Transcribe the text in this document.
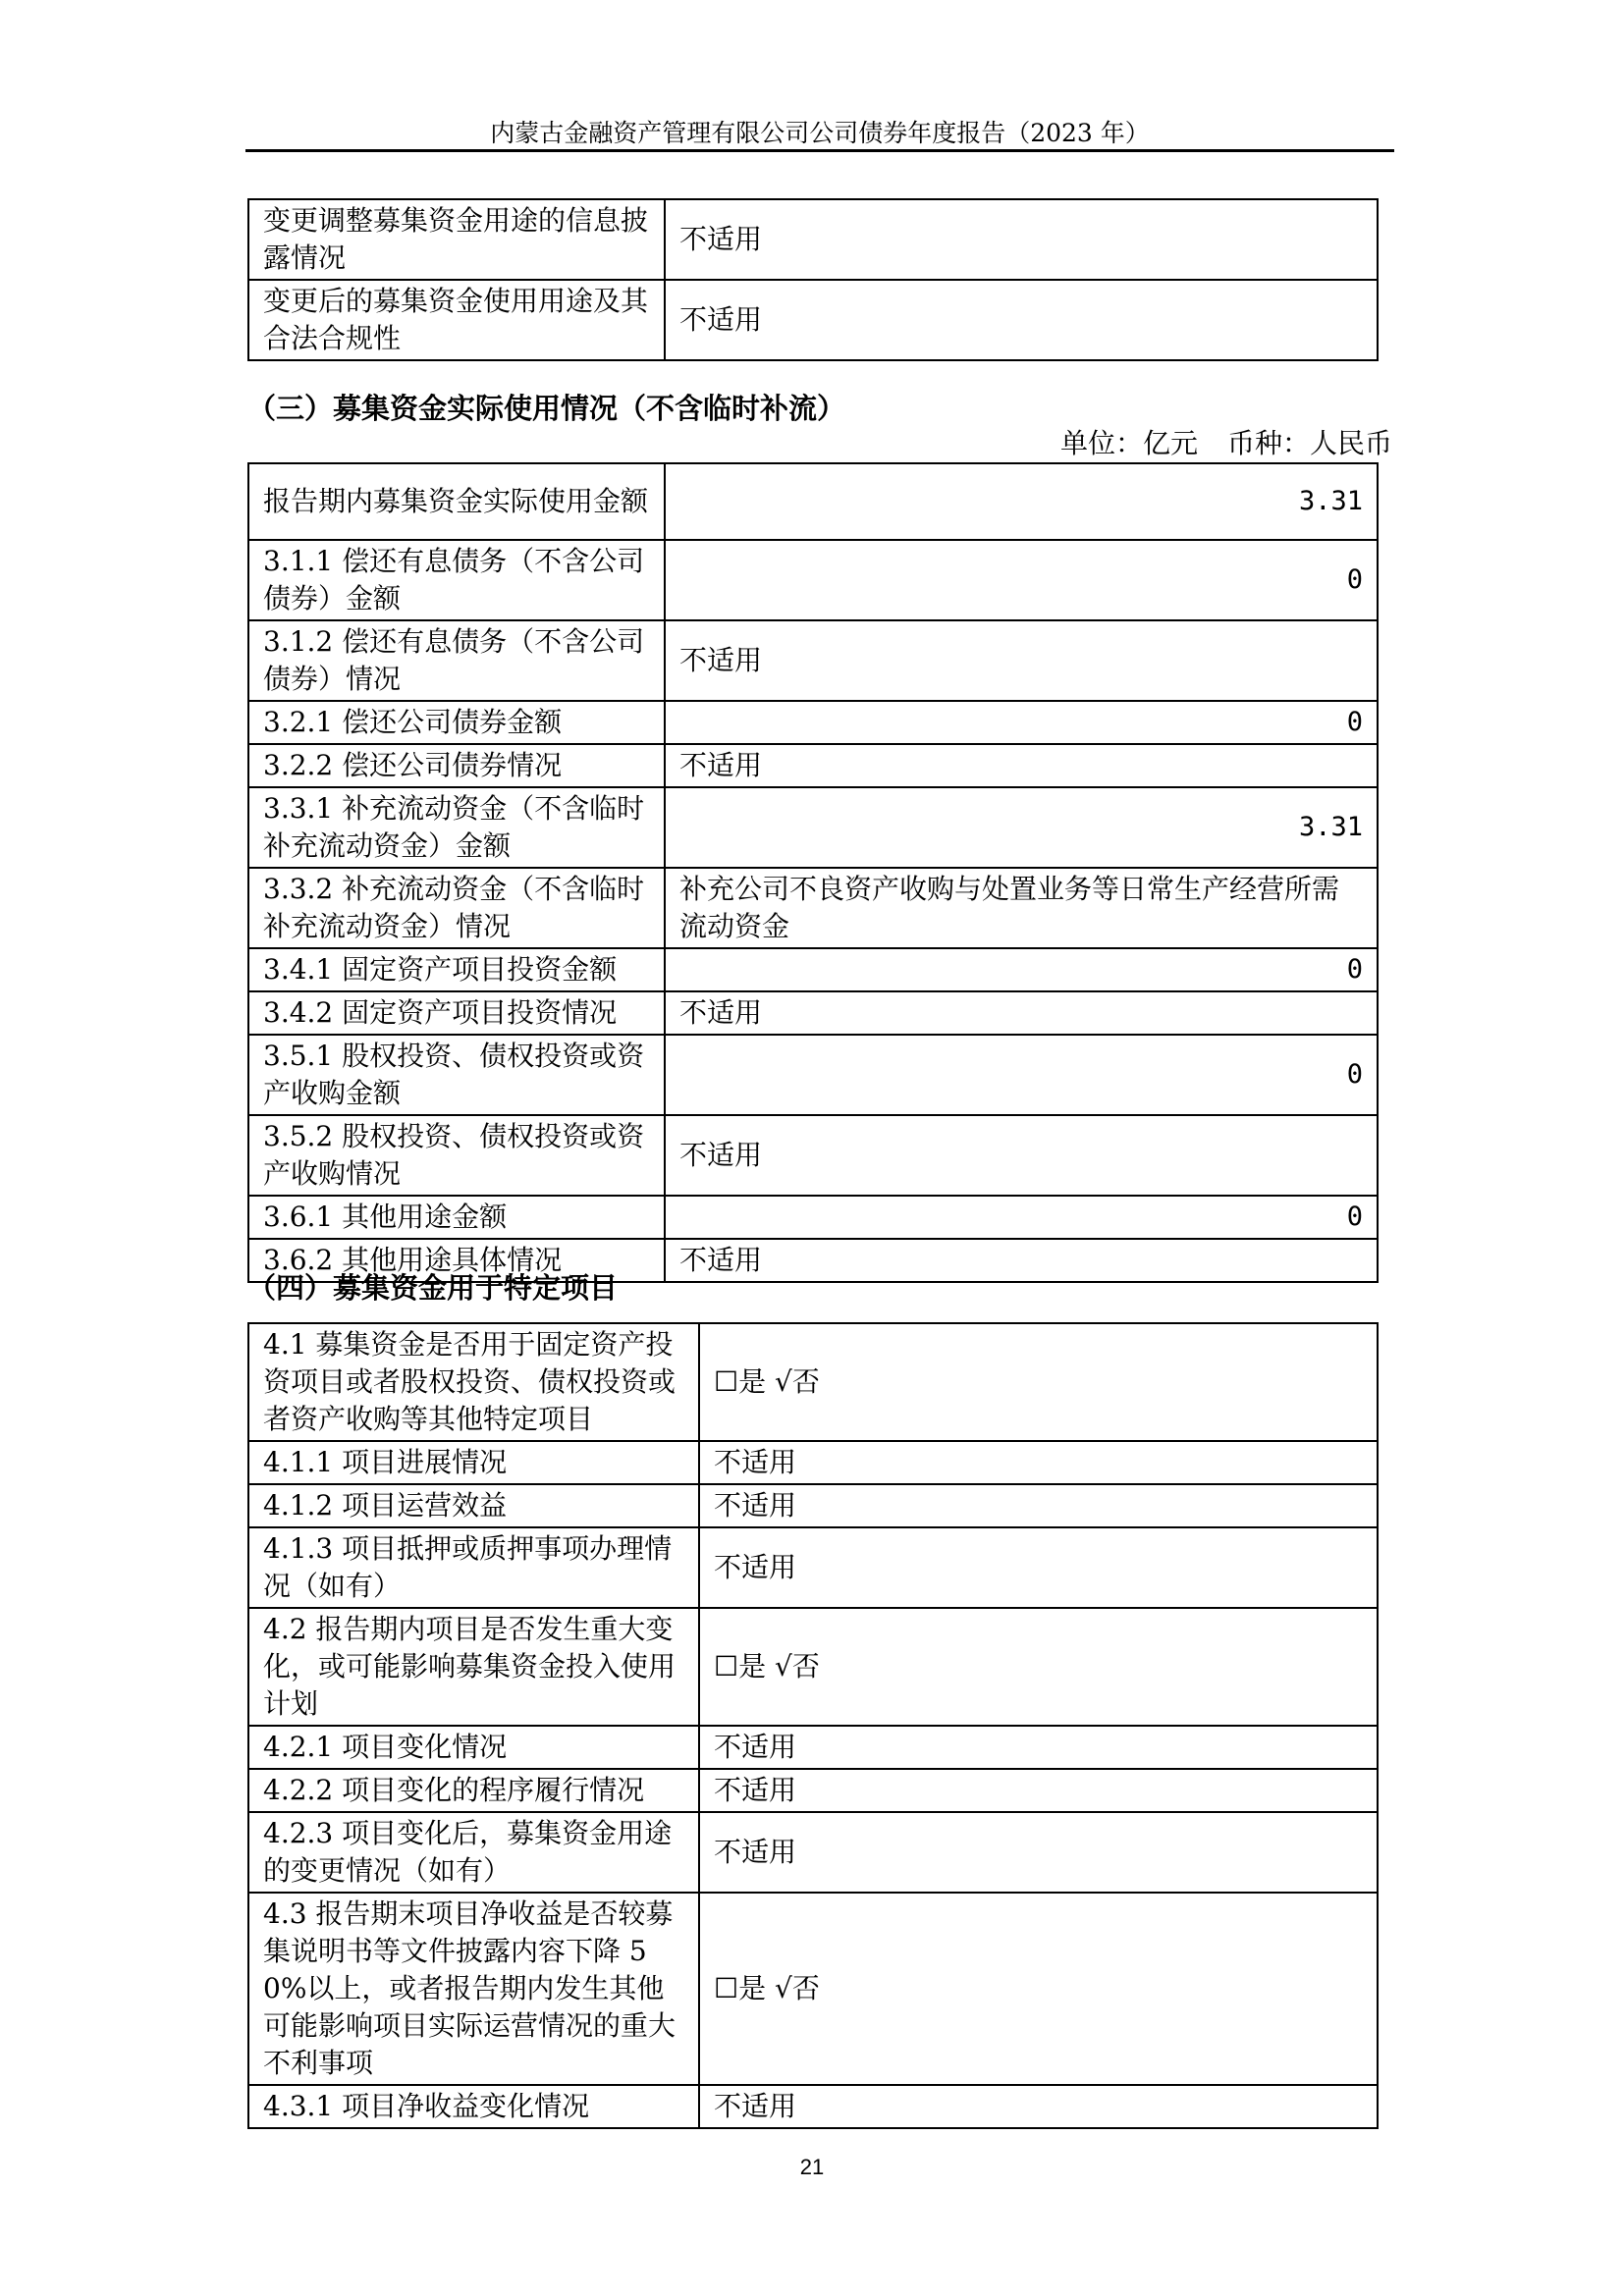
内蒙古金融资产管理有限公司公司债券年度报告（2023 年）
变更调整募集资金用途的信息披露情况	不适用
变更后的募集资金使用用途及其合法合规性	不适用
（三）募集资金实际使用情况（不含临时补流）
单位：亿元 币种：人民币
报告期内募集资金实际使用金额	3.31
3.1.1 偿还有息债务（不含公司债券）金额	0
3.1.2 偿还有息债务（不含公司债券）情况	不适用
3.2.1 偿还公司债券金额	0
3.2.2 偿还公司债券情况	不适用
3.3.1 补充流动资金（不含临时补充流动资金）金额	3.31
3.3.2 补充流动资金（不含临时补充流动资金）情况	补充公司不良资产收购与处置业务等日常生产经营所需流动资金
3.4.1 固定资产项目投资金额	0
3.4.2 固定资产项目投资情况	不适用
3.5.1 股权投资、债权投资或资产收购金额	0
3.5.2 股权投资、债权投资或资产收购情况	不适用
3.6.1 其他用途金额	0
3.6.2 其他用途具体情况	不适用
（四）募集资金用于特定项目
4.1 募集资金是否用于固定资产投资项目或者股权投资、债权投资或者资产收购等其他特定项目	☐是 √否
4.1.1 项目进展情况	不适用
4.1.2 项目运营效益	不适用
4.1.3 项目抵押或质押事项办理情况（如有）	不适用
4.2 报告期内项目是否发生重大变化，或可能影响募集资金投入使用计划	☐是 √否
4.2.1 项目变化情况	不适用
4.2.2 项目变化的程序履行情况	不适用
4.2.3 项目变化后，募集资金用途的变更情况（如有）	不适用
4.3 报告期末项目净收益是否较募集说明书等文件披露内容下降 50%以上，或者报告期内发生其他可能影响项目实际运营情况的重大不利事项	☐是 √否
4.3.1 项目净收益变化情况	不适用
21
